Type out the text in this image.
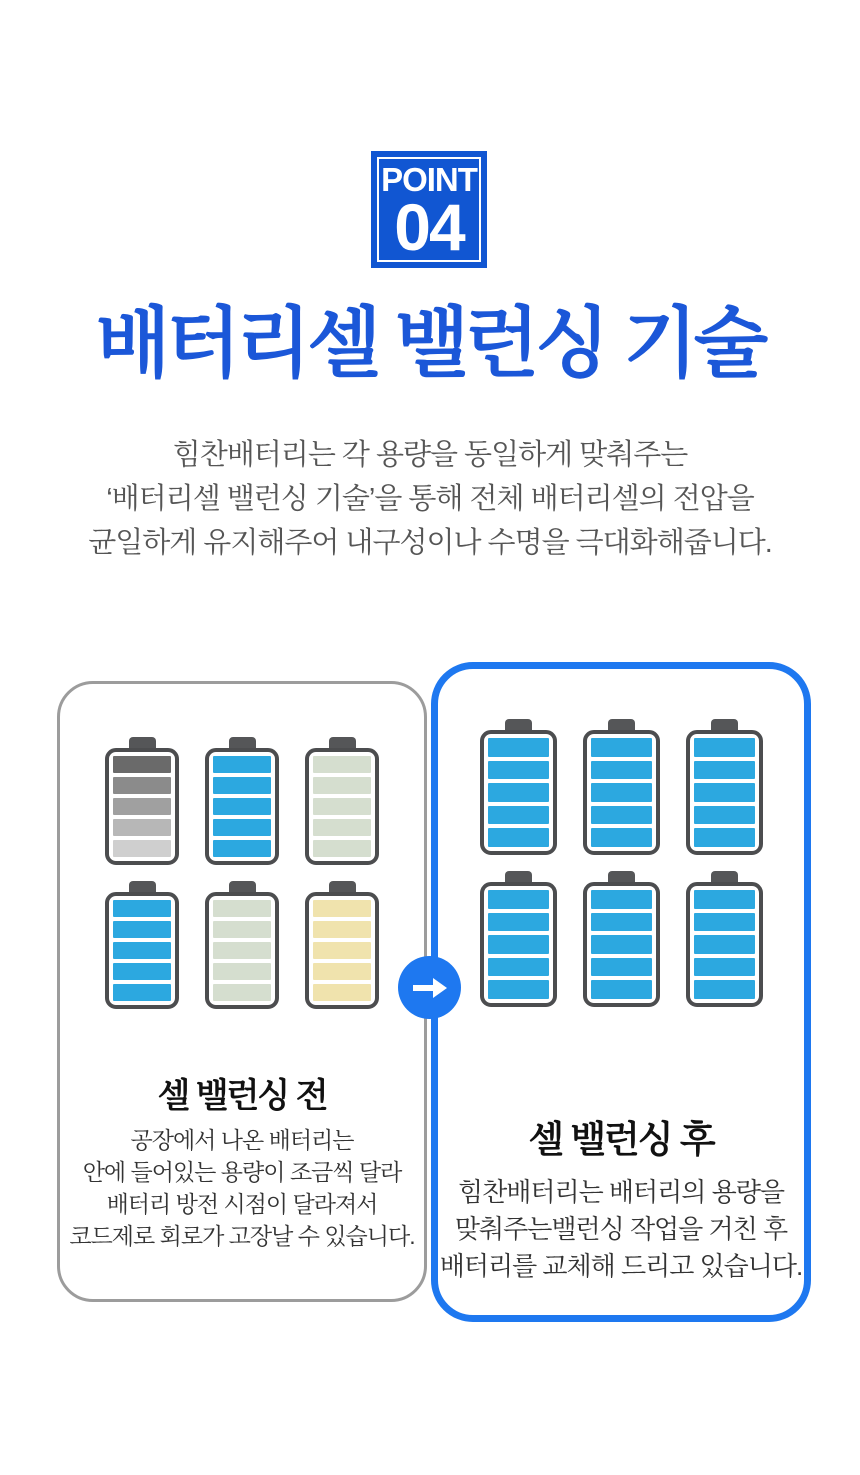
POINT
04
배터리셀 밸런싱 기술
힘찬배터리는 각 용량을 동일하게 맞춰주는
‘배터리셀 밸런싱 기술’을 통해 전체 배터리셀의 전압을
균일하게 유지해주어 내구성이나 수명을 극대화해줍니다.
셀 밸런싱 전
공장에서 나온 배터리는
안에 들어있는 용량이 조금씩 달라
배터리 방전 시점이 달라져서
코드제로 회로가 고장날 수 있습니다.
셀 밸런싱 후
힘찬배터리는 배터리의 용량을
맞춰주는밸런싱 작업을 거친 후
배터리를 교체해 드리고 있습니다.
